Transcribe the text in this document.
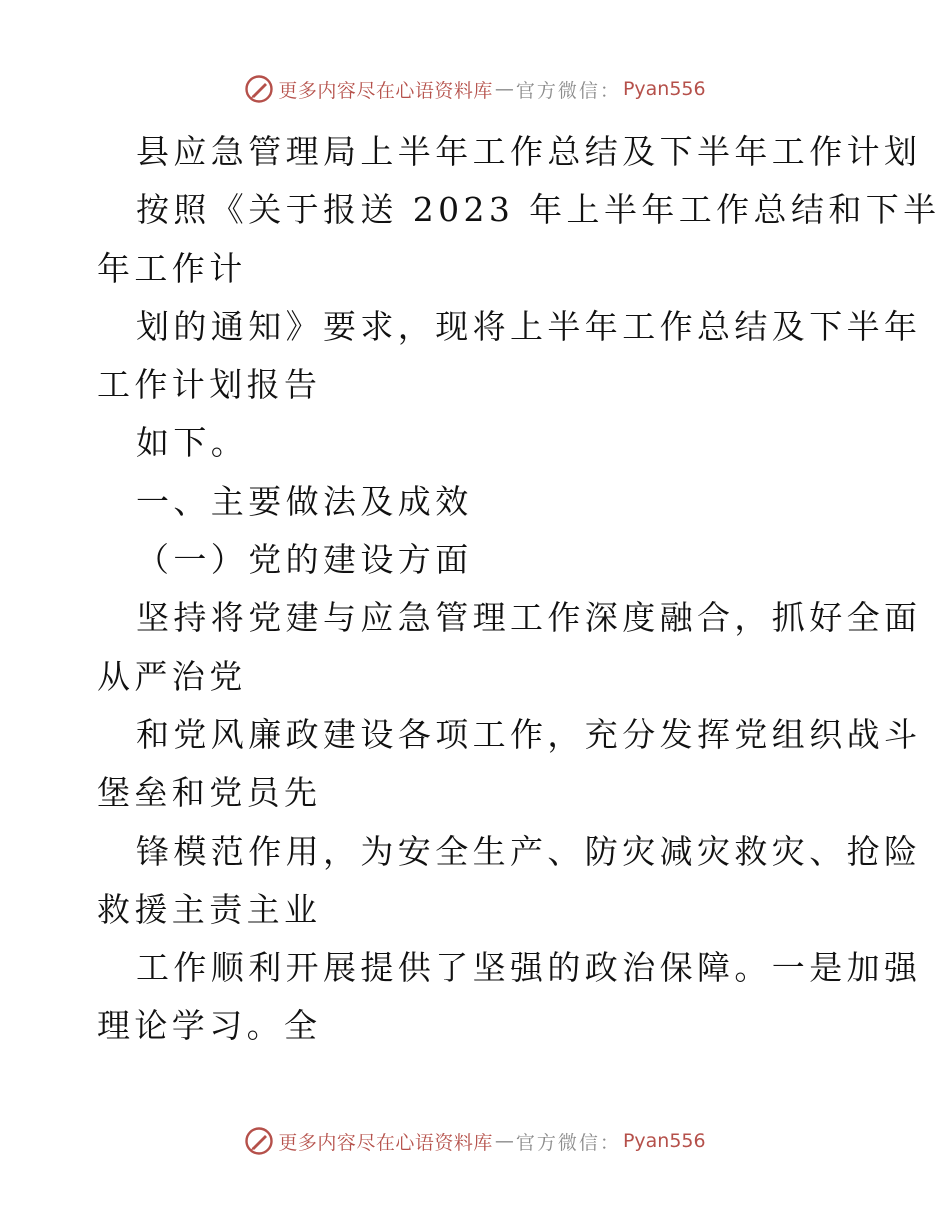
更多内容尽在心语资料库 — 官方微信： Pyan556
县应急管理局上半年工作总结及下半年工作计划
按照《关于报送 2023 年上半年工作总结和下半
年工作计
划的通知》要求，现将上半年工作总结及下半年
工作计划报告
如下。
一、主要做法及成效
（一）党的建设方面
坚持将党建与应急管理工作深度融合，抓好全面
从严治党
和党风廉政建设各项工作，充分发挥党组织战斗
堡垒和党员先
锋模范作用，为安全生产、防灾减灾救灾、抢险
救援主责主业
工作顺利开展提供了坚强的政治保障。一是加强
理论学习。全
更多内容尽在心语资料库 — 官方微信： Pyan556
